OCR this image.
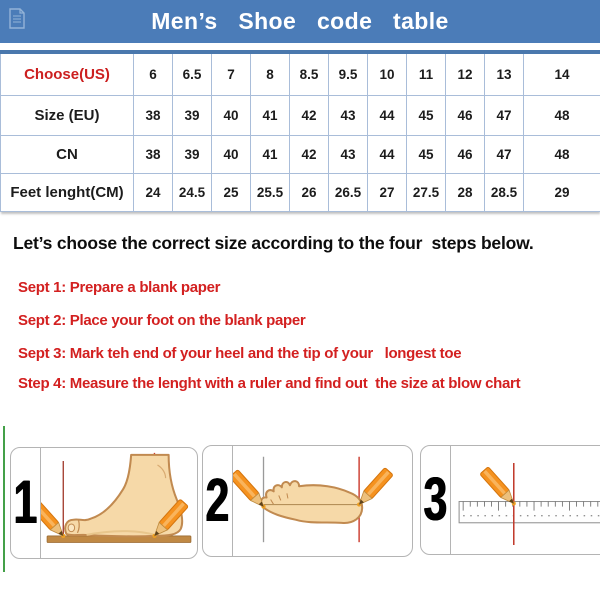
Men’s Shoe code table
Choose(US)	6	6.5	7	8	8.5	9.5	10	11	12	13	14
Size (EU)	38	39	40	41	42	43	44	45	46	47	48
CN	38	39	40	41	42	43	44	45	46	47	48
Feet lenght(CM)	24	24.5	25	25.5	26	26.5	27	27.5	28	28.5	29
Let’s choose the correct size according to the four  steps below.
Sept 1: Prepare a blank paper
Sept 2: Place your foot on the blank paper
Sept 3: Mark teh end of your heel and the tip of your   longest toe
Step 4: Measure the lenght with a ruler and find out  the size at blow chart
1	2	3
